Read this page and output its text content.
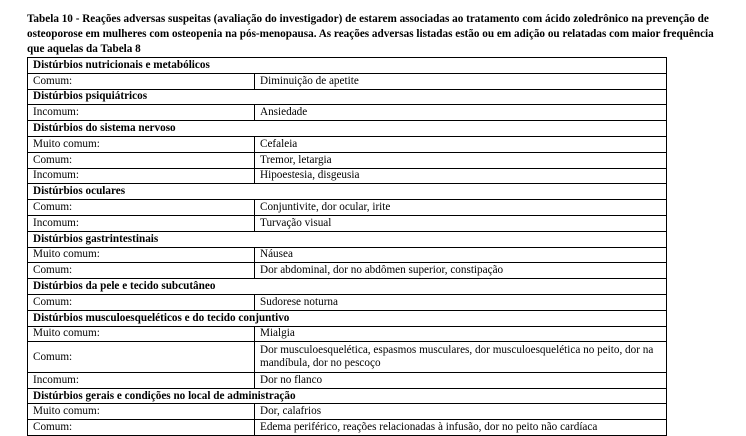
Tabela 10 - Reações adversas suspeitas (avaliação do investigador) de estarem associadas ao tratamento com ácido zoledrônico na prevenção de osteoporose em mulheres com osteopenia na pós-menopausa. As reações adversas listadas estão ou em adição ou relatadas com maior frequência que aquelas da Tabela 8

Distúrbios nutricionais e metabólicos	
Comum:	Diminuição de apetite
Distúrbios psiquiátricos	
Incomum:	Ansiedade
Distúrbios do sistema nervoso	
Muito comum:	Cefaleia
Comum:	Tremor, letargia
Incomum:	Hipoestesia, disgeusia
Distúrbios oculares	
Comum:	Conjuntivite, dor ocular, irite
Incomum:	Turvação visual
Distúrbios gastrintestinais	
Muito comum:	Náusea
Comum:	Dor abdominal, dor no abdômen superior, constipação
Distúrbios da pele e tecido subcutâneo	
Comum:	Sudorese noturna
Distúrbios musculoesqueléticos e do tecido conjuntivo	
Muito comum:	Mialgia
Comum:	Dor musculoesquelética, espasmos musculares, dor musculoesquelética no peito, dor na mandíbula, dor no pescoço
Incomum:	Dor no flanco
Distúrbios gerais e condições no local de administração	
Muito comum:	Dor, calafrios
Comum:	Edema periférico, reações relacionadas à infusão, dor no peito não cardíaca
